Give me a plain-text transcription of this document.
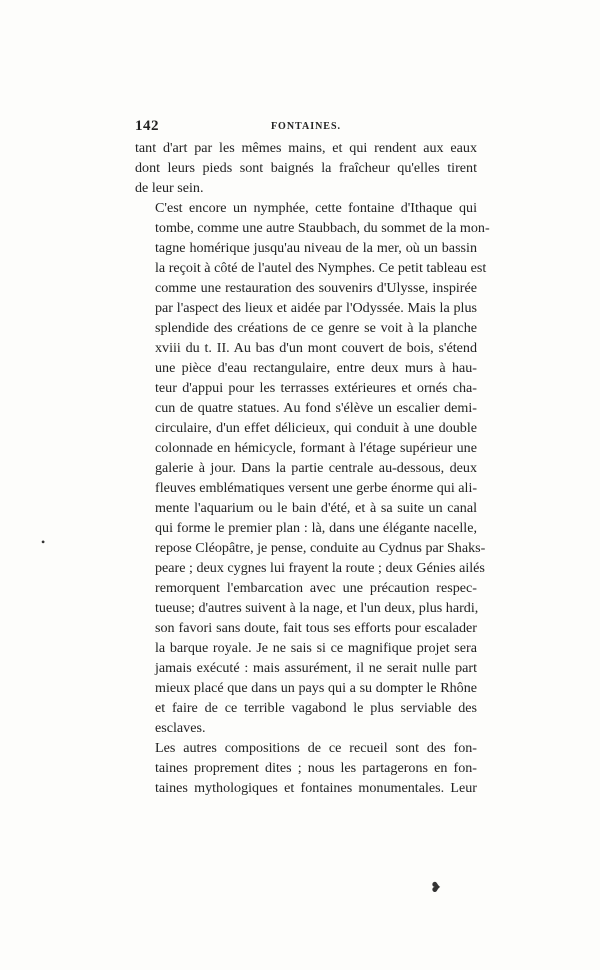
142	FONTAINES.

tant d'art par les mêmes mains, et qui rendent aux eaux
dont leurs pieds sont baignés la fraîcheur qu'elles tirent
de leur sein.

C'est encore un nymphée, cette fontaine d'Ithaque qui
tombe, comme une autre Staubbach, du sommet de la mon-
tagne homérique jusqu'au niveau de la mer, où un bassin
la reçoit à côté de l'autel des Nymphes. Ce petit tableau est
comme une restauration des souvenirs d'Ulysse, inspirée
par l'aspect des lieux et aidée par l'Odyssée. Mais la plus
splendide des créations de ce genre se voit à la planche
xviii du t. II. Au bas d'un mont couvert de bois, s'étend
une pièce d'eau rectangulaire, entre deux murs à hau-
teur d'appui pour les terrasses extérieures et ornés cha-
cun de quatre statues. Au fond s'élève un escalier demi-
circulaire, d'un effet délicieux, qui conduit à une double
colonnade en hémicycle, formant à l'étage supérieur une
galerie à jour. Dans la partie centrale au-dessous, deux
fleuves emblématiques versent une gerbe énorme qui ali-
mente l'aquarium ou le bain d'été, et à sa suite un canal
qui forme le premier plan : là, dans une élégante nacelle,
repose Cléopâtre, je pense, conduite au Cydnus par Shaks-
peare ; deux cygnes lui frayent la route ; deux Génies ailés
remorquent l'embarcation avec une précaution respec-
tueuse; d'autres suivent à la nage, et l'un deux, plus hardi,
son favori sans doute, fait tous ses efforts pour escalader
la barque royale. Je ne sais si ce magnifique projet sera
jamais exécuté : mais assurément, il ne serait nulle part
mieux placé que dans un pays qui a su dompter le Rhône
et faire de ce terrible vagabond le plus serviable des
esclaves.

Les autres compositions de ce recueil sont des fon-
taines proprement dites ; nous les partagerons en fon-
taines mythologiques et fontaines monumentales. Leur

•
❥
